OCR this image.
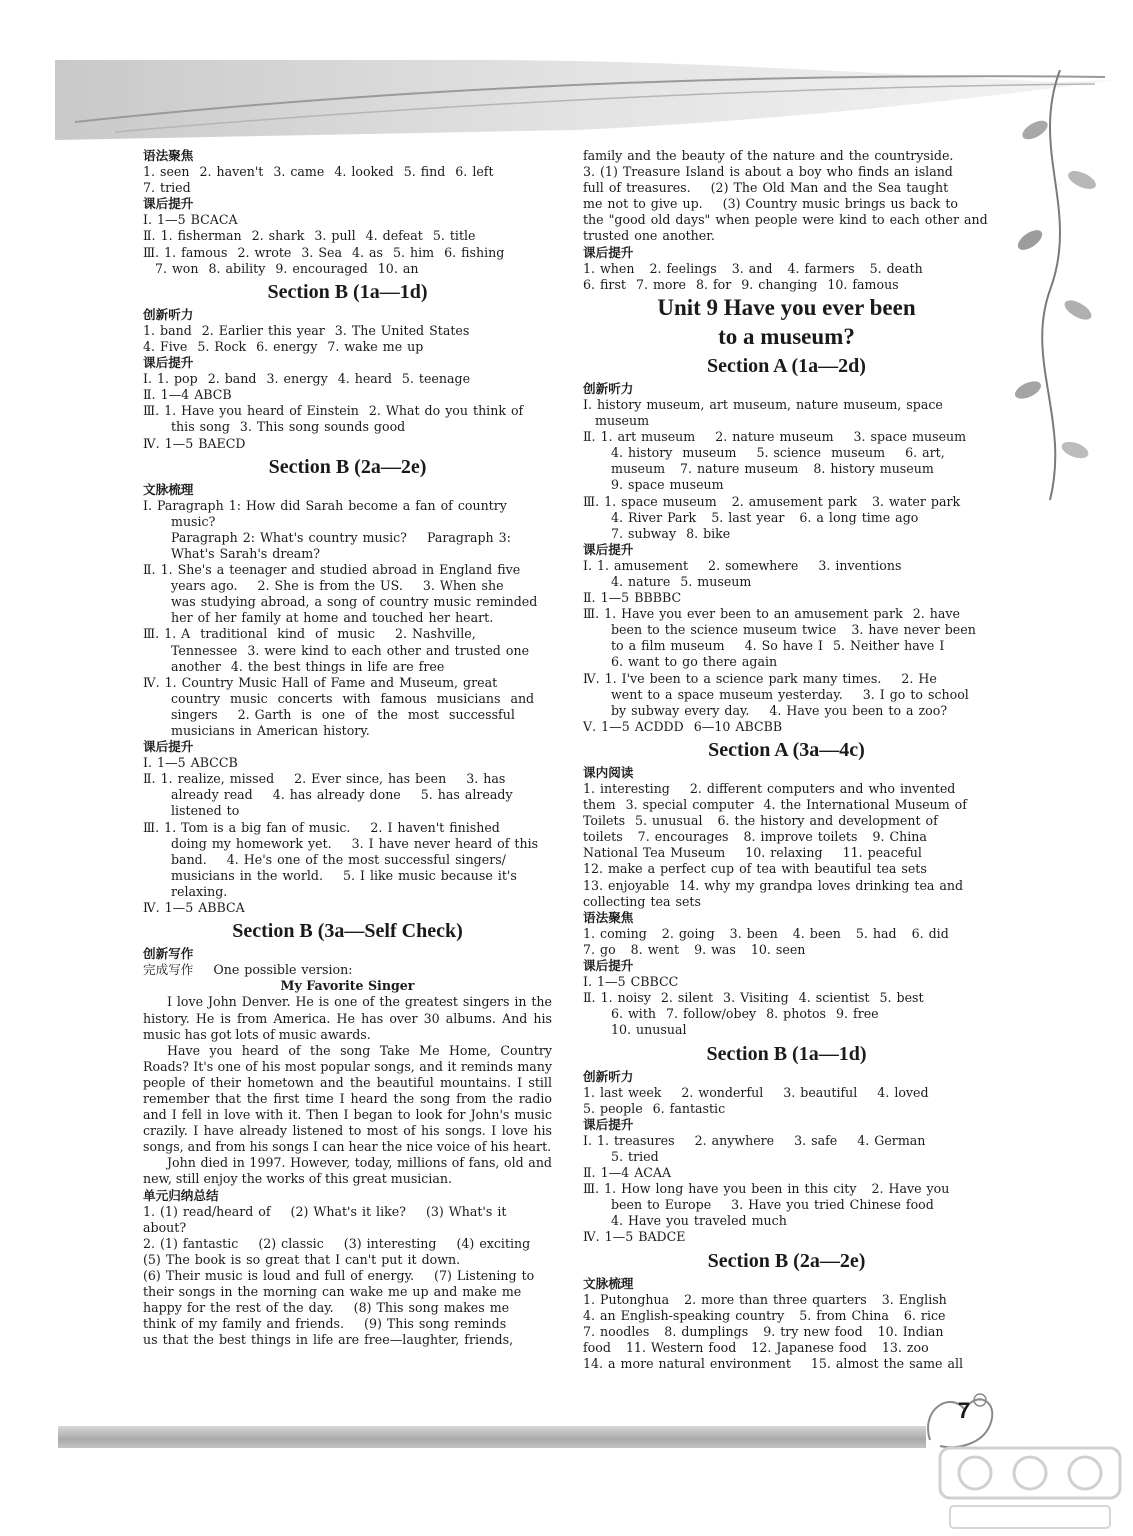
语法聚焦
1. seen  2. haven't  3. came  4. looked  5. find  6. left
7. tried
课后提升
Ⅰ. 1—5 BCACA
Ⅱ. 1. fisherman  2. shark  3. pull  4. defeat  5. title
Ⅲ. 1. famous  2. wrote  3. Sea  4. as  5. him  6. fishing
7. won  8. ability  9. encouraged  10. an
Section B (1a—1d)
创新听力
1. band  2. Earlier this year  3. The United States
4. Five  5. Rock  6. energy  7. wake me up
课后提升
Ⅰ. 1. pop  2. band  3. energy  4. heard  5. teenage
Ⅱ. 1—4 ABCB
Ⅲ. 1. Have you heard of Einstein  2. What do you think of
this song  3. This song sounds good
Ⅳ. 1—5 BAECD
Section B (2a—2e)
文脉梳理
Ⅰ. Paragraph 1: How did Sarah become a fan of country
music?
Paragraph 2: What's country music?    Paragraph 3:
What's Sarah's dream?
Ⅱ. 1. She's a teenager and studied abroad in England five
years ago.    2. She is from the US.    3. When she
was studying abroad, a song of country music reminded
her of her family at home and touched her heart.
Ⅲ. 1. A  traditional  kind  of  music    2. Nashville,
Tennessee  3. were kind to each other and trusted one
another  4. the best things in life are free
Ⅳ. 1. Country Music Hall of Fame and Museum, great
country  music  concerts  with  famous  musicians  and
singers    2. Garth  is  one  of  the  most  successful
musicians in American history.
课后提升
Ⅰ. 1—5 ABCCB
Ⅱ. 1. realize, missed    2. Ever since, has been    3. has
already read    4. has already done    5. has already
listened to
Ⅲ. 1. Tom is a big fan of music.    2. I haven't finished
doing my homework yet.    3. I have never heard of this
band.    4. He's one of the most successful singers/
musicians in the world.    5. I like music because it's
relaxing.
Ⅳ. 1—5 ABBCA
Section B (3a—Self Check)
创新写作
完成写作    One possible version:
My Favorite Singer
I love John Denver. He is one of the greatest singers in the history. He is from America. He has over 30 albums. And his music has got lots of music awards.
Have you heard of the song Take Me Home, Country Roads? It's one of his most popular songs, and it reminds many people of their hometown and the beautiful mountains. I still remember that the first time I heard the song from the radio and I fell in love with it. Then I began to look for John's music crazily. I have already listened to most of his songs. I love his songs, and from his songs I can hear the nice voice of his heart.
John died in 1997. However, today, millions of fans, old and new, still enjoy the works of this great musician.
单元归纳总结
1. (1) read/heard of    (2) What's it like?    (3) What's it
about?
2. (1) fantastic    (2) classic    (3) interesting    (4) exciting
(5) The book is so great that I can't put it down.
(6) Their music is loud and full of energy.    (7) Listening to
their songs in the morning can wake me up and make me
happy for the rest of the day.    (8) This song makes me
think of my family and friends.    (9) This song reminds
us that the best things in life are free—laughter, friends,
family and the beauty of the nature and the countryside.
3. (1) Treasure Island is about a boy who finds an island
full of treasures.    (2) The Old Man and the Sea taught
me not to give up.    (3) Country music brings us back to
the "good old days" when people were kind to each other and
trusted one another.
课后提升
1. when   2. feelings   3. and   4. farmers   5. death
6. first  7. more  8. for  9. changing  10. famous
Unit 9 Have you ever been
to a museum?
Section A (1a—2d)
创新听力
Ⅰ. history museum, art museum, nature museum, space
museum
Ⅱ. 1. art museum    2. nature museum    3. space museum
4. history  museum    5. science  museum    6. art,
museum   7. nature museum   8. history museum
9. space museum
Ⅲ. 1. space museum   2. amusement park   3. water park
4. River Park   5. last year   6. a long time ago
7. subway  8. bike
课后提升
Ⅰ. 1. amusement    2. somewhere    3. inventions
4. nature  5. museum
Ⅱ. 1—5 BBBBC
Ⅲ. 1. Have you ever been to an amusement park  2. have
been to the science museum twice   3. have never been
to a film museum    4. So have I  5. Neither have I
6. want to go there again
Ⅳ. 1. I've been to a science park many times.    2. He
went to a space museum yesterday.    3. I go to school
by subway every day.    4. Have you been to a zoo?
Ⅴ. 1—5 ACDDD  6—10 ABCBB
Section A (3a—4c)
课内阅读
1. interesting    2. different computers and who invented
them  3. special computer  4. the International Museum of
Toilets  5. unusual   6. the history and development of
toilets   7. encourages   8. improve toilets   9. China
National Tea Museum    10. relaxing    11. peaceful
12. make a perfect cup of tea with beautiful tea sets
13. enjoyable  14. why my grandpa loves drinking tea and
collecting tea sets
语法聚焦
1. coming   2. going   3. been   4. been   5. had   6. did
7. go   8. went   9. was   10. seen
课后提升
Ⅰ. 1—5 CBBCC
Ⅱ. 1. noisy  2. silent  3. Visiting  4. scientist  5. best
6. with  7. follow/obey  8. photos  9. free
10. unusual
Section B (1a—1d)
创新听力
1. last week    2. wonderful    3. beautiful    4. loved
5. people  6. fantastic
课后提升
Ⅰ. 1. treasures    2. anywhere    3. safe    4. German
5. tried
Ⅱ. 1—4 ACAA
Ⅲ. 1. How long have you been in this city   2. Have you
been to Europe    3. Have you tried Chinese food
4. Have you traveled much
Ⅳ. 1—5 BADCE
Section B (2a—2e)
文脉梳理
1. Putonghua   2. more than three quarters   3. English
4. an English-speaking country   5. from China   6. rice
7. noodles   8. dumplings   9. try new food   10. Indian
food   11. Western food   12. Japanese food   13. zoo
14. a more natural environment    15. almost the same all
7
